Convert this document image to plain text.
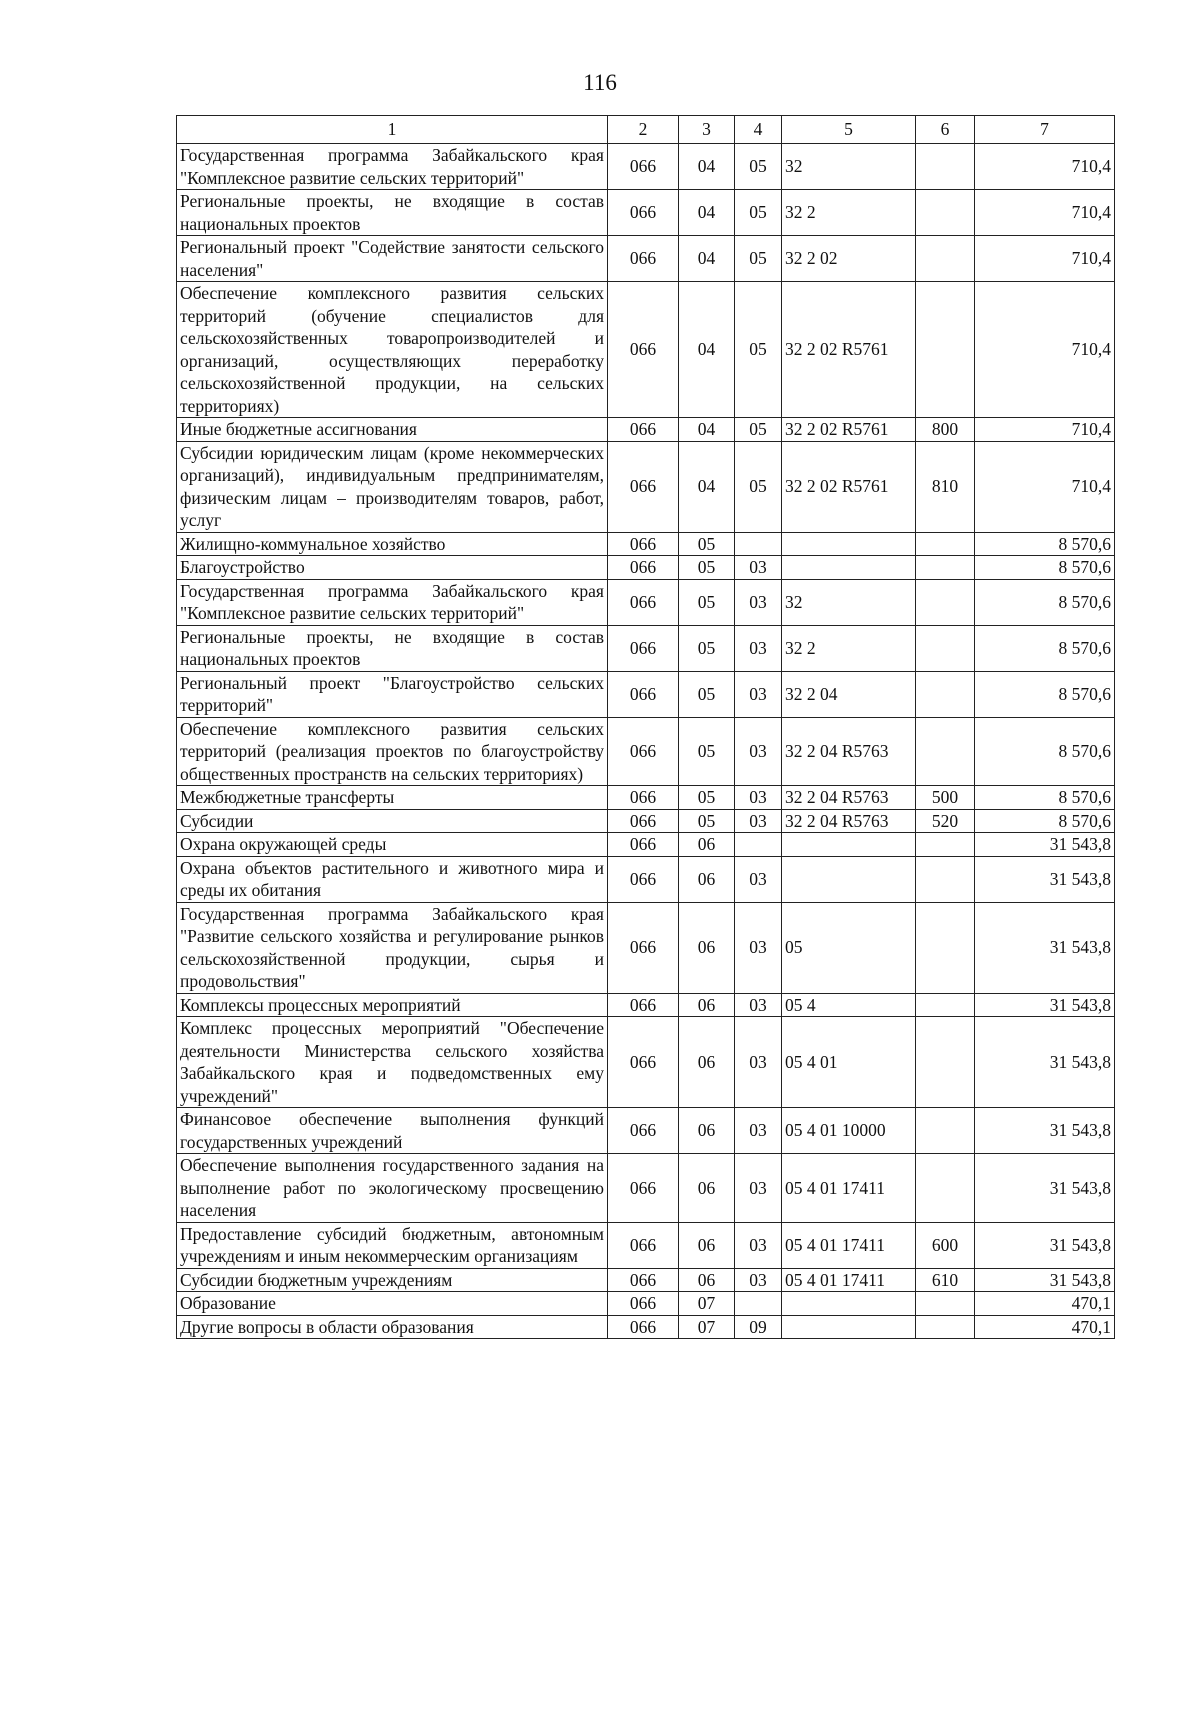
116
1	2	3	4	5	6	7
Государственная программа Забайкальского края "Комплексное развитие сельских территорий"	066	04	05	32		710,4
Региональные проекты, не входящие в состав национальных проектов	066	04	05	32 2		710,4
Региональный проект "Содействие занятости сельского населения"	066	04	05	32 2 02		710,4
Обеспечение комплексного развития сельских территорий (обучение специалистов для сельскохозяйственных товаропроизводителей и организаций, осуществляющих переработку сельскохозяйственной продукции, на сельских территориях)	066	04	05	32 2 02 R5761		710,4
Иные бюджетные ассигнования	066	04	05	32 2 02 R5761	800	710,4
Субсидии юридическим лицам (кроме некоммерческих организаций), индивидуальным предпринимателям, физическим лицам – производителям товаров, работ, услуг	066	04	05	32 2 02 R5761	810	710,4
Жилищно-коммунальное хозяйство	066	05				8 570,6
Благоустройство	066	05	03			8 570,6
Государственная программа Забайкальского края "Комплексное развитие сельских территорий"	066	05	03	32		8 570,6
Региональные проекты, не входящие в состав национальных проектов	066	05	03	32 2		8 570,6
Региональный проект "Благоустройство сельских территорий"	066	05	03	32 2 04		8 570,6
Обеспечение комплексного развития сельских территорий (реализация проектов по благоустройству общественных пространств на сельских территориях)	066	05	03	32 2 04 R5763		8 570,6
Межбюджетные трансферты	066	05	03	32 2 04 R5763	500	8 570,6
Субсидии	066	05	03	32 2 04 R5763	520	8 570,6
Охрана окружающей среды	066	06				31 543,8
Охрана объектов растительного и животного мира и среды их обитания	066	06	03			31 543,8
Государственная программа Забайкальского края "Развитие сельского хозяйства и регулирование рынков сельскохозяйственной продукции, сырья и продовольствия"	066	06	03	05		31 543,8
Комплексы процессных мероприятий	066	06	03	05 4		31 543,8
Комплекс процессных мероприятий "Обеспечение деятельности Министерства сельского хозяйства Забайкальского края и подведомственных ему учреждений"	066	06	03	05 4 01		31 543,8
Финансовое обеспечение выполнения функций государственных учреждений	066	06	03	05 4 01 10000		31 543,8
Обеспечение выполнения государственного задания на выполнение работ по экологическому просвещению населения	066	06	03	05 4 01 17411		31 543,8
Предоставление субсидий бюджетным, автономным учреждениям и иным некоммерческим организациям	066	06	03	05 4 01 17411	600	31 543,8
Субсидии бюджетным учреждениям	066	06	03	05 4 01 17411	610	31 543,8
Образование	066	07				470,1
Другие вопросы в области образования	066	07	09			470,1
